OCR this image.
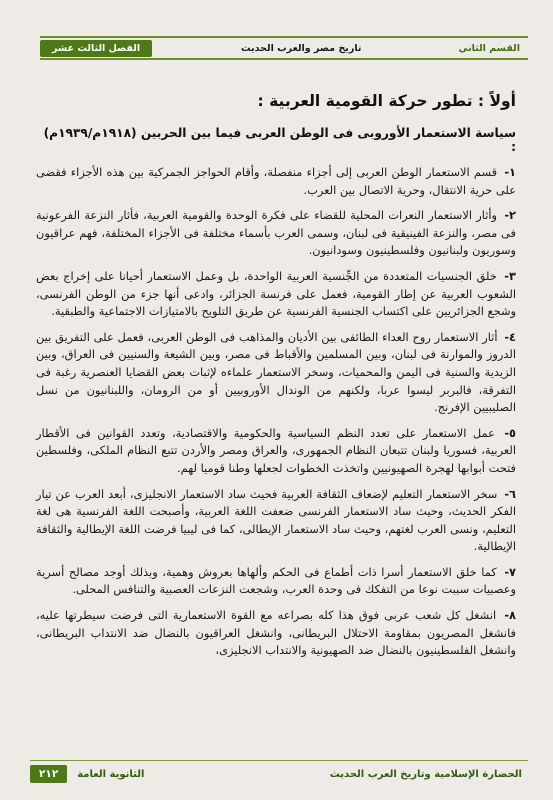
القسم الثاني
تاريخ مصر والعرب الحديث
الفصل الثالث عشر
أولاً : تطور حركة القومية العربية :
سياسة الاستعمار الأوروبى فى الوطن العربى فيما بين الحربين (١٩١٨م/١٩٣٩م) :
١- قسم الاستعمار الوطن العربى إلى أجزاء منفصلة، وأقام الحواجز الجمركية بين هذه الأجزاء فقضى على حرية الانتقال، وحرية الاتصال بين العرب.
٢- وأثار الاستعمار النعرات المحلية للقضاء على فكرة الوحدة والقومية العربية، فأثار النزعة الفرعونية فى مصر، والنزعة الفينيقية فى لبنان، وسمى العرب بأسماء مختلفة فى الأجزاء المختلفة، فهم عراقيون وسوريون ولبنانيون وفلسطينيون وسودانيون.
٣- خلق الجنسيات المتعددة من الجِّنسية العربية الواحدة، بل وعمل الاستعمار أحيانا على إخراج بعض الشعوب العربية عن إطار القومية، فعمل على فرنسة الجزائر، وادعى أنها جزء من الوطن الفرنسى، وشجع الجزائريين على اكتساب الجنسية الفرنسية عن طريق التلويح بالامتيازات الاجتماعية والطبقية.
٤- أثار الاستعمار روح العداء الطائفى بين الأديان والمذاهب فى الوطن العربى، فعمل على التفريق بين الدروز والموارنة فى لبنان، وبين المسلمين والأقباط فى مصر، وبين الشيعة والسنيين فى العراق، وبين الزيدية والسنية فى اليمن والمحميات، وسخر الاستعمار علماءه لإثبات بعض القضايا العنصرية رغبة فى التفرقة، فالبربر ليسوا عربا، ولكنهم من الوندال الأوروبيين أو من الرومان، واللبنانيون من نسل الصليبيين الإفرنج.
٥- عمل الاستعمار على تعدد النظم السياسية والحكومية والاقتصادية، وتعدد القوانين فى الأقطار العربية، فسوريا ولبنان تتبعان النظام الجمهورى، والعراق ومصر والأردن تتبع النظام الملكى، وفلسطين فتحت أبوابها لهجرة الصهيونيين واتخذت الخطوات لجعلها وطنا قوميا لهم.
٦- سخر الاستعمار التعليم لإضعاف الثقافة العربية فحيث ساد الاستعمار الانجليزى، أبعد العرب عن تيار الفكر الحديث، وحيث ساد الاستعمار الفرنسى ضعفت اللغة العربية، وأصبحت اللغة الفرنسية هى لغة التعليم، ونسى العرب لغتهم، وحيث ساد الاستعمار الإيطالى، كما فى ليبيا فرضت اللغة الإيطالية والثقافة الإيطالية.
٧- كما خلق الاستعمار أسرا ذات أطماع فى الحكم وألهاها بعروش وهمية، وبذلك أوجد مصالح أسرية وعصبيات سببت نوعا من التفكك فى وحدة العرب، وشجعت النزعات العصبية والتنافس المحلى.
٨- انشغل كل شعب عربى فوق هذا كله بصراعه مع القوة الاستعمارية التى فرضت سيطرتها عليه، فانشغل المصريون بمقاومة الاحتلال البريطانى، وانشغل العراقيون بالنضال ضد الانتداب البريطانى، وانشغل الفلسطينيون بالنضال ضد الصهيونية والانتداب الانجليزى،
الحضارة الإسلامية وتاريخ العرب الحديث
الثانوية العامة
٢١٢
